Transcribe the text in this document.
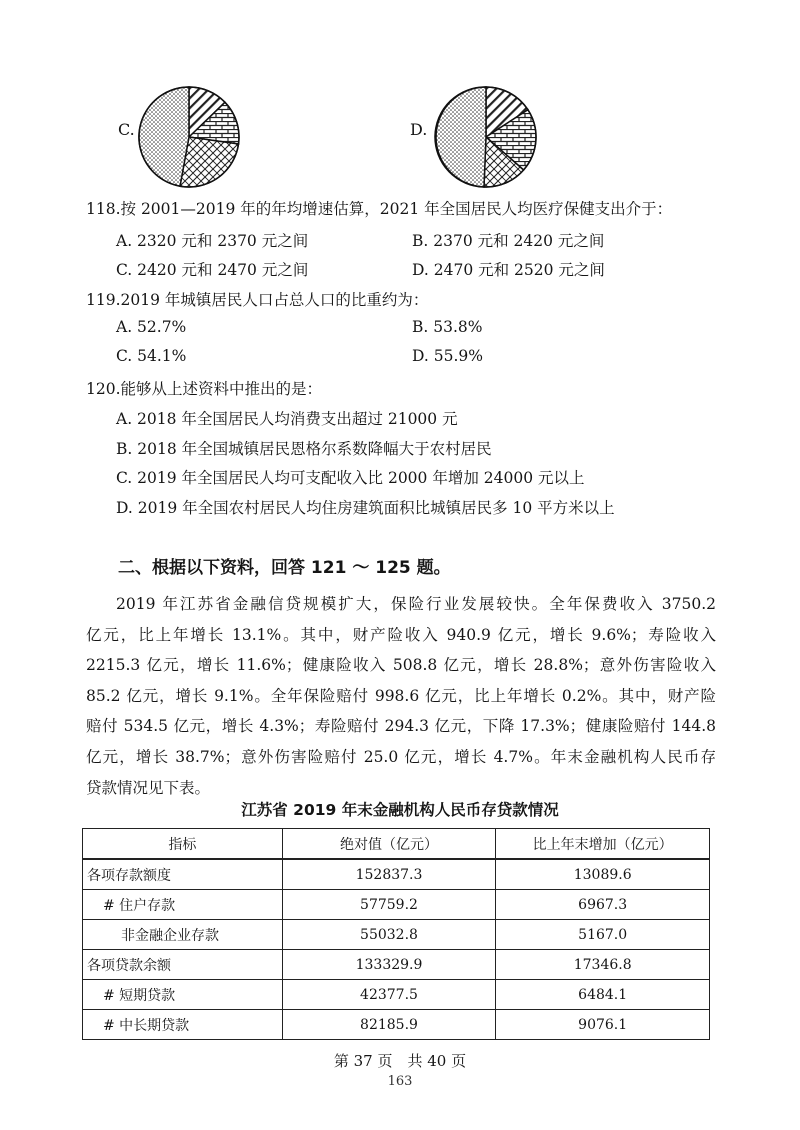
C.	D.
118.按 2001—2019 年的年均增速估算，2021 年全国居民人均医疗保健支出介于：
A. 2320 元和 2370 元之间	B. 2370 元和 2420 元之间
C. 2420 元和 2470 元之间	D. 2470 元和 2520 元之间
119.2019 年城镇居民人口占总人口的比重约为：
A. 52.7%	B. 53.8%
C. 54.1%	D. 55.9%
120.能够从上述资料中推出的是：
A. 2018 年全国居民人均消费支出超过 21000 元
B. 2018 年全国城镇居民恩格尔系数降幅大于农村居民
C. 2019 年全国居民人均可支配收入比 2000 年增加 24000 元以上
D. 2019 年全国农村居民人均住房建筑面积比城镇居民多 10 平方米以上
二、根据以下资料，回答 121 ～ 125 题。
2019 年江苏省金融信贷规模扩大，保险行业发展较快。全年保费收入 3750.2
亿元，比上年增长 13.1%。其中，财产险收入 940.9 亿元，增长 9.6%；寿险收入
2215.3 亿元，增长 11.6%；健康险收入 508.8 亿元，增长 28.8%；意外伤害险收入
85.2 亿元，增长 9.1%。全年保险赔付 998.6 亿元，比上年增长 0.2%。其中，财产险
赔付 534.5 亿元，增长 4.3%；寿险赔付 294.3 亿元，下降 17.3%；健康险赔付 144.8
亿元，增长 38.7%；意外伤害险赔付 25.0 亿元，增长 4.7%。年末金融机构人民币存
贷款情况见下表。
江苏省 2019 年末金融机构人民币存贷款情况
指标	绝对值（亿元）	比上年末增加（亿元）
各项存款额度	152837.3	13089.6
# 住户存款	57759.2	6967.3
非金融企业存款	55032.8	5167.0
各项贷款余额	133329.9	17346.8
# 短期贷款	42377.5	6484.1
# 中长期贷款	82185.9	9076.1
第 37 页　共 40 页
163
